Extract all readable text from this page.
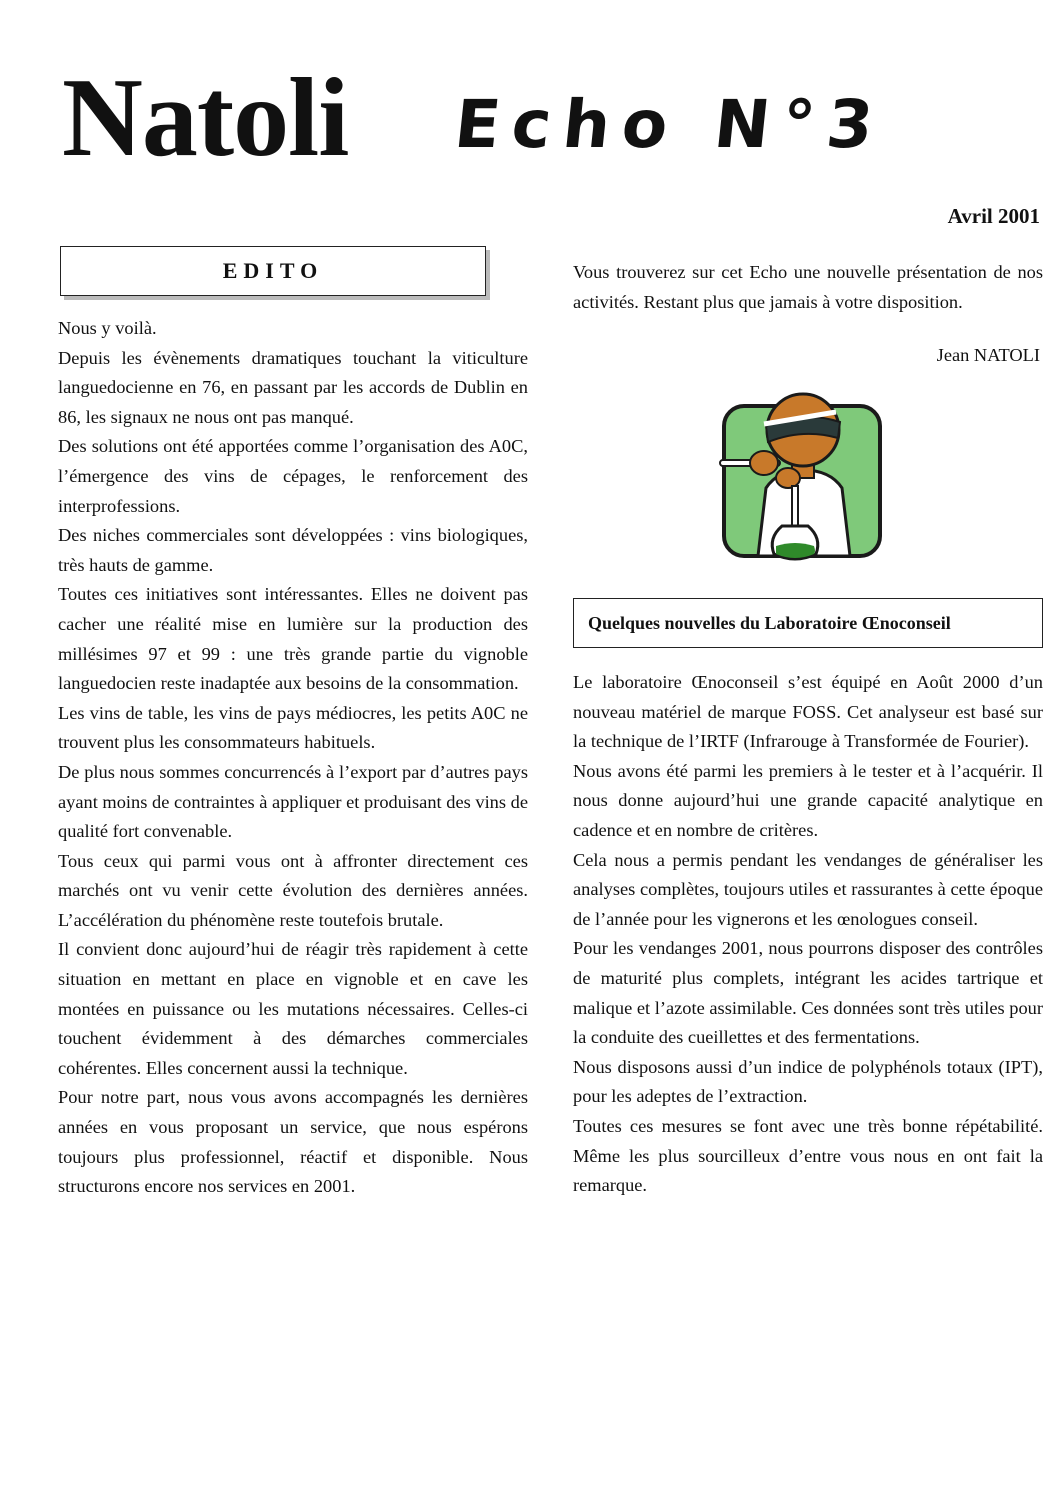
Natoli Echo N°3
Avril 2001
EDITO

Nous y voilà.

Depuis les évènements dramatiques touchant la viticulture languedocienne en 76, en passant par les accords de Dublin en 86, les signaux ne nous ont pas manqué.

Des solutions ont été apportées comme l’organisation des A0C, l’émergence des vins de cépages, le renforcement des interprofessions.

Des niches commerciales sont développées : vins biologiques, très hauts de gamme.

Toutes ces initiatives sont intéressantes. Elles ne doivent pas cacher une réalité mise en lumière sur la production des millésimes 97 et 99 : une très grande partie du vignoble languedocien reste inadaptée aux besoins de la consommation.

Les vins de table, les vins de pays médiocres, les petits A0C ne trouvent plus les consommateurs habituels.

De plus nous sommes concurrencés à l’export par d’autres pays ayant moins de contraintes à appliquer et produisant des vins de qualité fort convenable.

Tous ceux qui parmi vous ont à affronter directement ces marchés ont vu venir cette évolution des dernières années. L’accélération du phénomène reste toutefois brutale.

Il convient donc aujourd’hui de réagir très rapidement à cette situation en mettant en place en vignoble et en cave les montées en puissance ou les mutations nécessaires. Celles-ci touchent évidemment à des démarches commerciales cohérentes. Elles concernent aussi la technique.

Pour notre part, nous vous avons accompagnés les dernières années en vous proposant un service, que nous espérons toujours plus professionnel, réactif et disponible. Nous structurons encore nos services en 2001.

Vous trouverez sur cet Echo une nouvelle présentation de nos activités. Restant plus que jamais à votre disposition.

Jean NATOLI
Quelques nouvelles du Laboratoire Œnoconseil

Le laboratoire Œnoconseil s’est équipé en Août 2000 d’un nouveau matériel de marque FOSS. Cet analyseur est basé sur la technique de l’IRTF (Infrarouge à Transformée de Fourier).

Nous avons été parmi les premiers à le tester et à l’acquérir. Il nous donne aujourd’hui une grande capacité analytique en cadence et en nombre de critères.

Cela nous a permis pendant les vendanges de généraliser les analyses complètes, toujours utiles et rassurantes à cette époque de l’année pour les vignerons et les œnologues conseil.

Pour les vendanges 2001, nous pourrons disposer des contrôles de maturité plus complets, intégrant les acides tartrique et malique et l’azote assimilable. Ces données sont très utiles pour la conduite des cueillettes et des fermentations.

Nous disposons aussi d’un indice de polyphénols totaux (IPT), pour les adeptes de l’extraction.

Toutes ces mesures se font avec une très bonne répétabilité. Même les plus sourcilleux d’entre vous nous en ont fait la remarque.
